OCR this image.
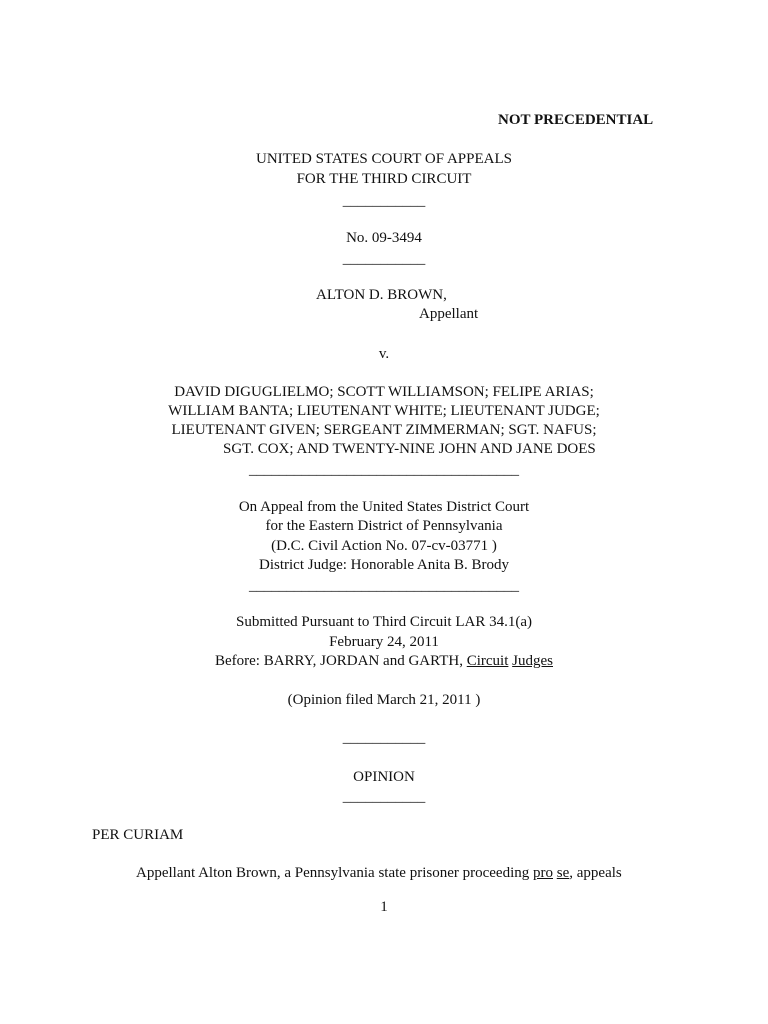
NOT PRECEDENTIAL
UNITED STATES COURT OF APPEALS
FOR THE THIRD CIRCUIT
___________
No. 09-3494
___________
ALTON D. BROWN,
Appellant
v.
DAVID DIGUGLIELMO; SCOTT WILLIAMSON; FELIPE ARIAS;
WILLIAM BANTA; LIEUTENANT WHITE; LIEUTENANT JUDGE;
LIEUTENANT GIVEN; SERGEANT ZIMMERMAN; SGT. NAFUS;
SGT. COX; AND TWENTY-NINE JOHN AND JANE DOES
____________________________________
On Appeal from the United States District Court
for the Eastern District of Pennsylvania
(D.C. Civil Action No. 07-cv-03771 )
District Judge: Honorable Anita B. Brody
____________________________________
Submitted Pursuant to Third Circuit LAR 34.1(a)
February 24, 2011
Before: BARRY, JORDAN and GARTH, Circuit Judges
(Opinion filed March 21, 2011 )
___________
OPINION
___________
PER CURIAM
Appellant Alton Brown, a Pennsylvania state prisoner proceeding pro se, appeals
1
